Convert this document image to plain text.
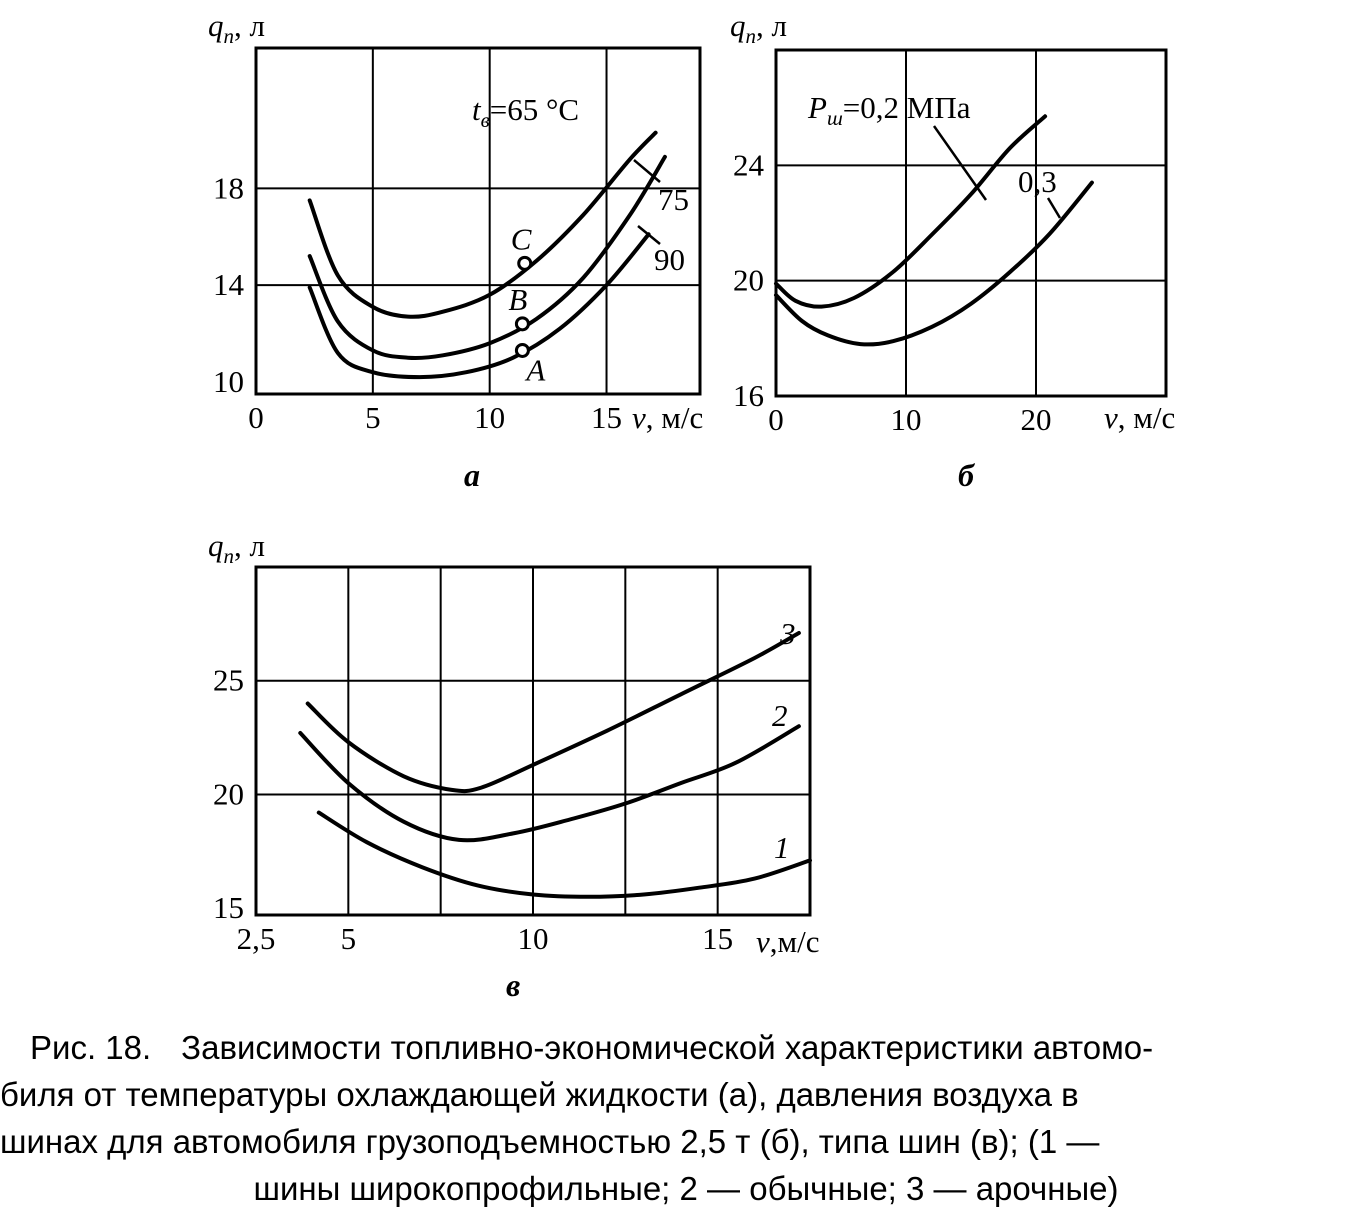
C
B
A
0	5	10	15
10
14
18
$q_п$, л
v, м/с
$t_в=65$ °C
75
90
а
0	10	20
16
20
24
$q_п$, л
v, м/с
$P_ш=0,2$ МПа
0,3
б
2,5 5	10	15
15
20
25
$q_п$, л
v,м/с
3
2
1
в
Рис. 18. Зависимости топливно-экономической характеристики автомо-
биля от температуры охлаждающей жидкости (а), давления воздуха в
шинах для автомобиля грузоподъемностью 2,5 т (б), типа шин (в); (1 —
шины широкопрофильные; 2 — обычные; 3 — арочные)
